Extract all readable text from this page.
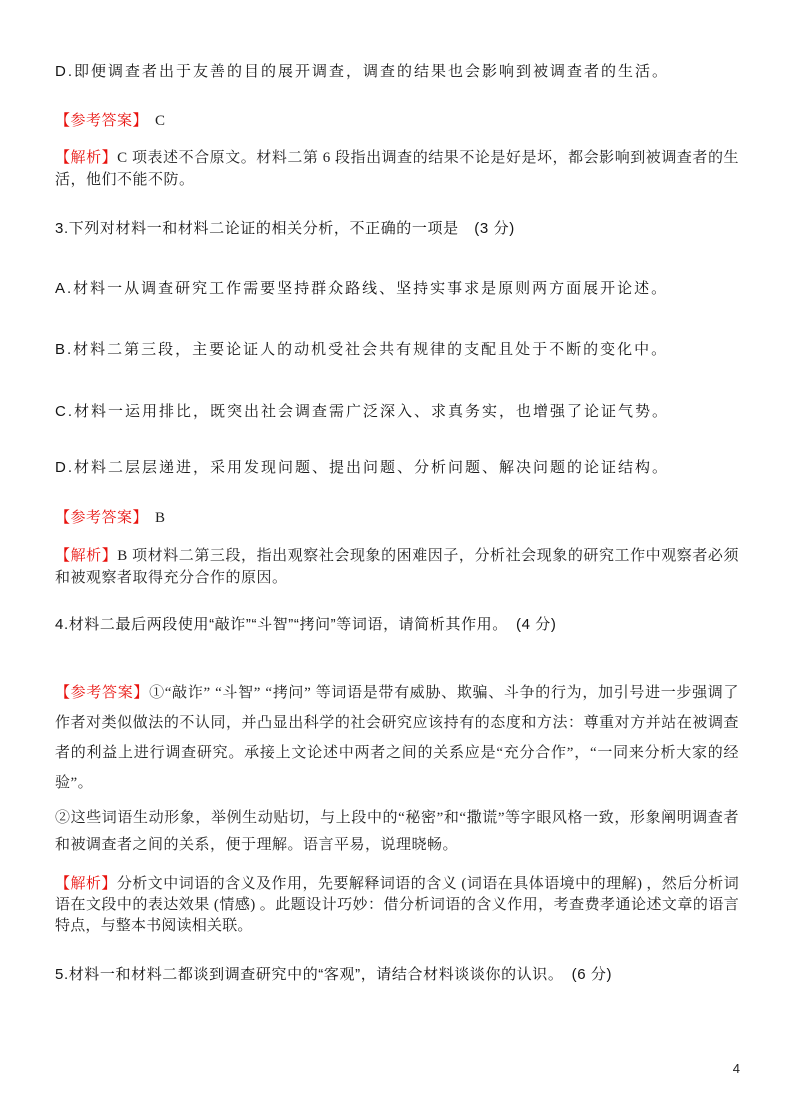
D.即便调查者出于友善的目的展开调查，调查的结果也会影响到被调查者的生活。

【参考答案】 C

【解析】C 项表述不合原文。材料二第 6 段指出调查的结果不论是好是坏，都会影响到被调查者的生活，他们不能不防。

3.下列对材料一和材料二论证的相关分析，不正确的一项是　(3 分)

A.材料一从调查研究工作需要坚持群众路线、坚持实事求是原则两方面展开论述。

B.材料二第三段，主要论证人的动机受社会共有规律的支配且处于不断的变化中。

C.材料一运用排比，既突出社会调查需广泛深入、求真务实，也增强了论证气势。

D.材料二层层递进，采用发现问题、提出问题、分析问题、解决问题的论证结构。

【参考答案】 B

【解析】B 项材料二第三段，指出观察社会现象的困难因子，分析社会现象的研究工作中观察者必须和被观察者取得充分合作的原因。

4.材料二最后两段使用“敲诈”“斗智”“拷问”等词语，请简析其作用。　(4 分)

【参考答案】①“敲诈” “斗智” “拷问” 等词语是带有威胁、欺骗、斗争的行为，加引号进一步强调了作者对类似做法的不认同，并凸显出科学的社会研究应该持有的态度和方法：尊重对方并站在被调查者的利益上进行调查研究。承接上文论述中两者之间的关系应是“充分合作”，“一同来分析大家的经验”。

②这些词语生动形象，举例生动贴切，与上段中的“秘密”和“撒谎”等字眼风格一致，形象阐明调查者和被调查者之间的关系，便于理解。语言平易，说理晓畅。

【解析】分析文中词语的含义及作用，先要解释词语的含义 (词语在具体语境中的理解) ，然后分析词语在文段中的表达效果 (情感) 。此题设计巧妙：借分析词语的含义作用，考查费孝通论述文章的语言特点，与整本书阅读相关联。

5.材料一和材料二都谈到调查研究中的“客观”，请结合材料谈谈你的认识。　(6 分)

4
